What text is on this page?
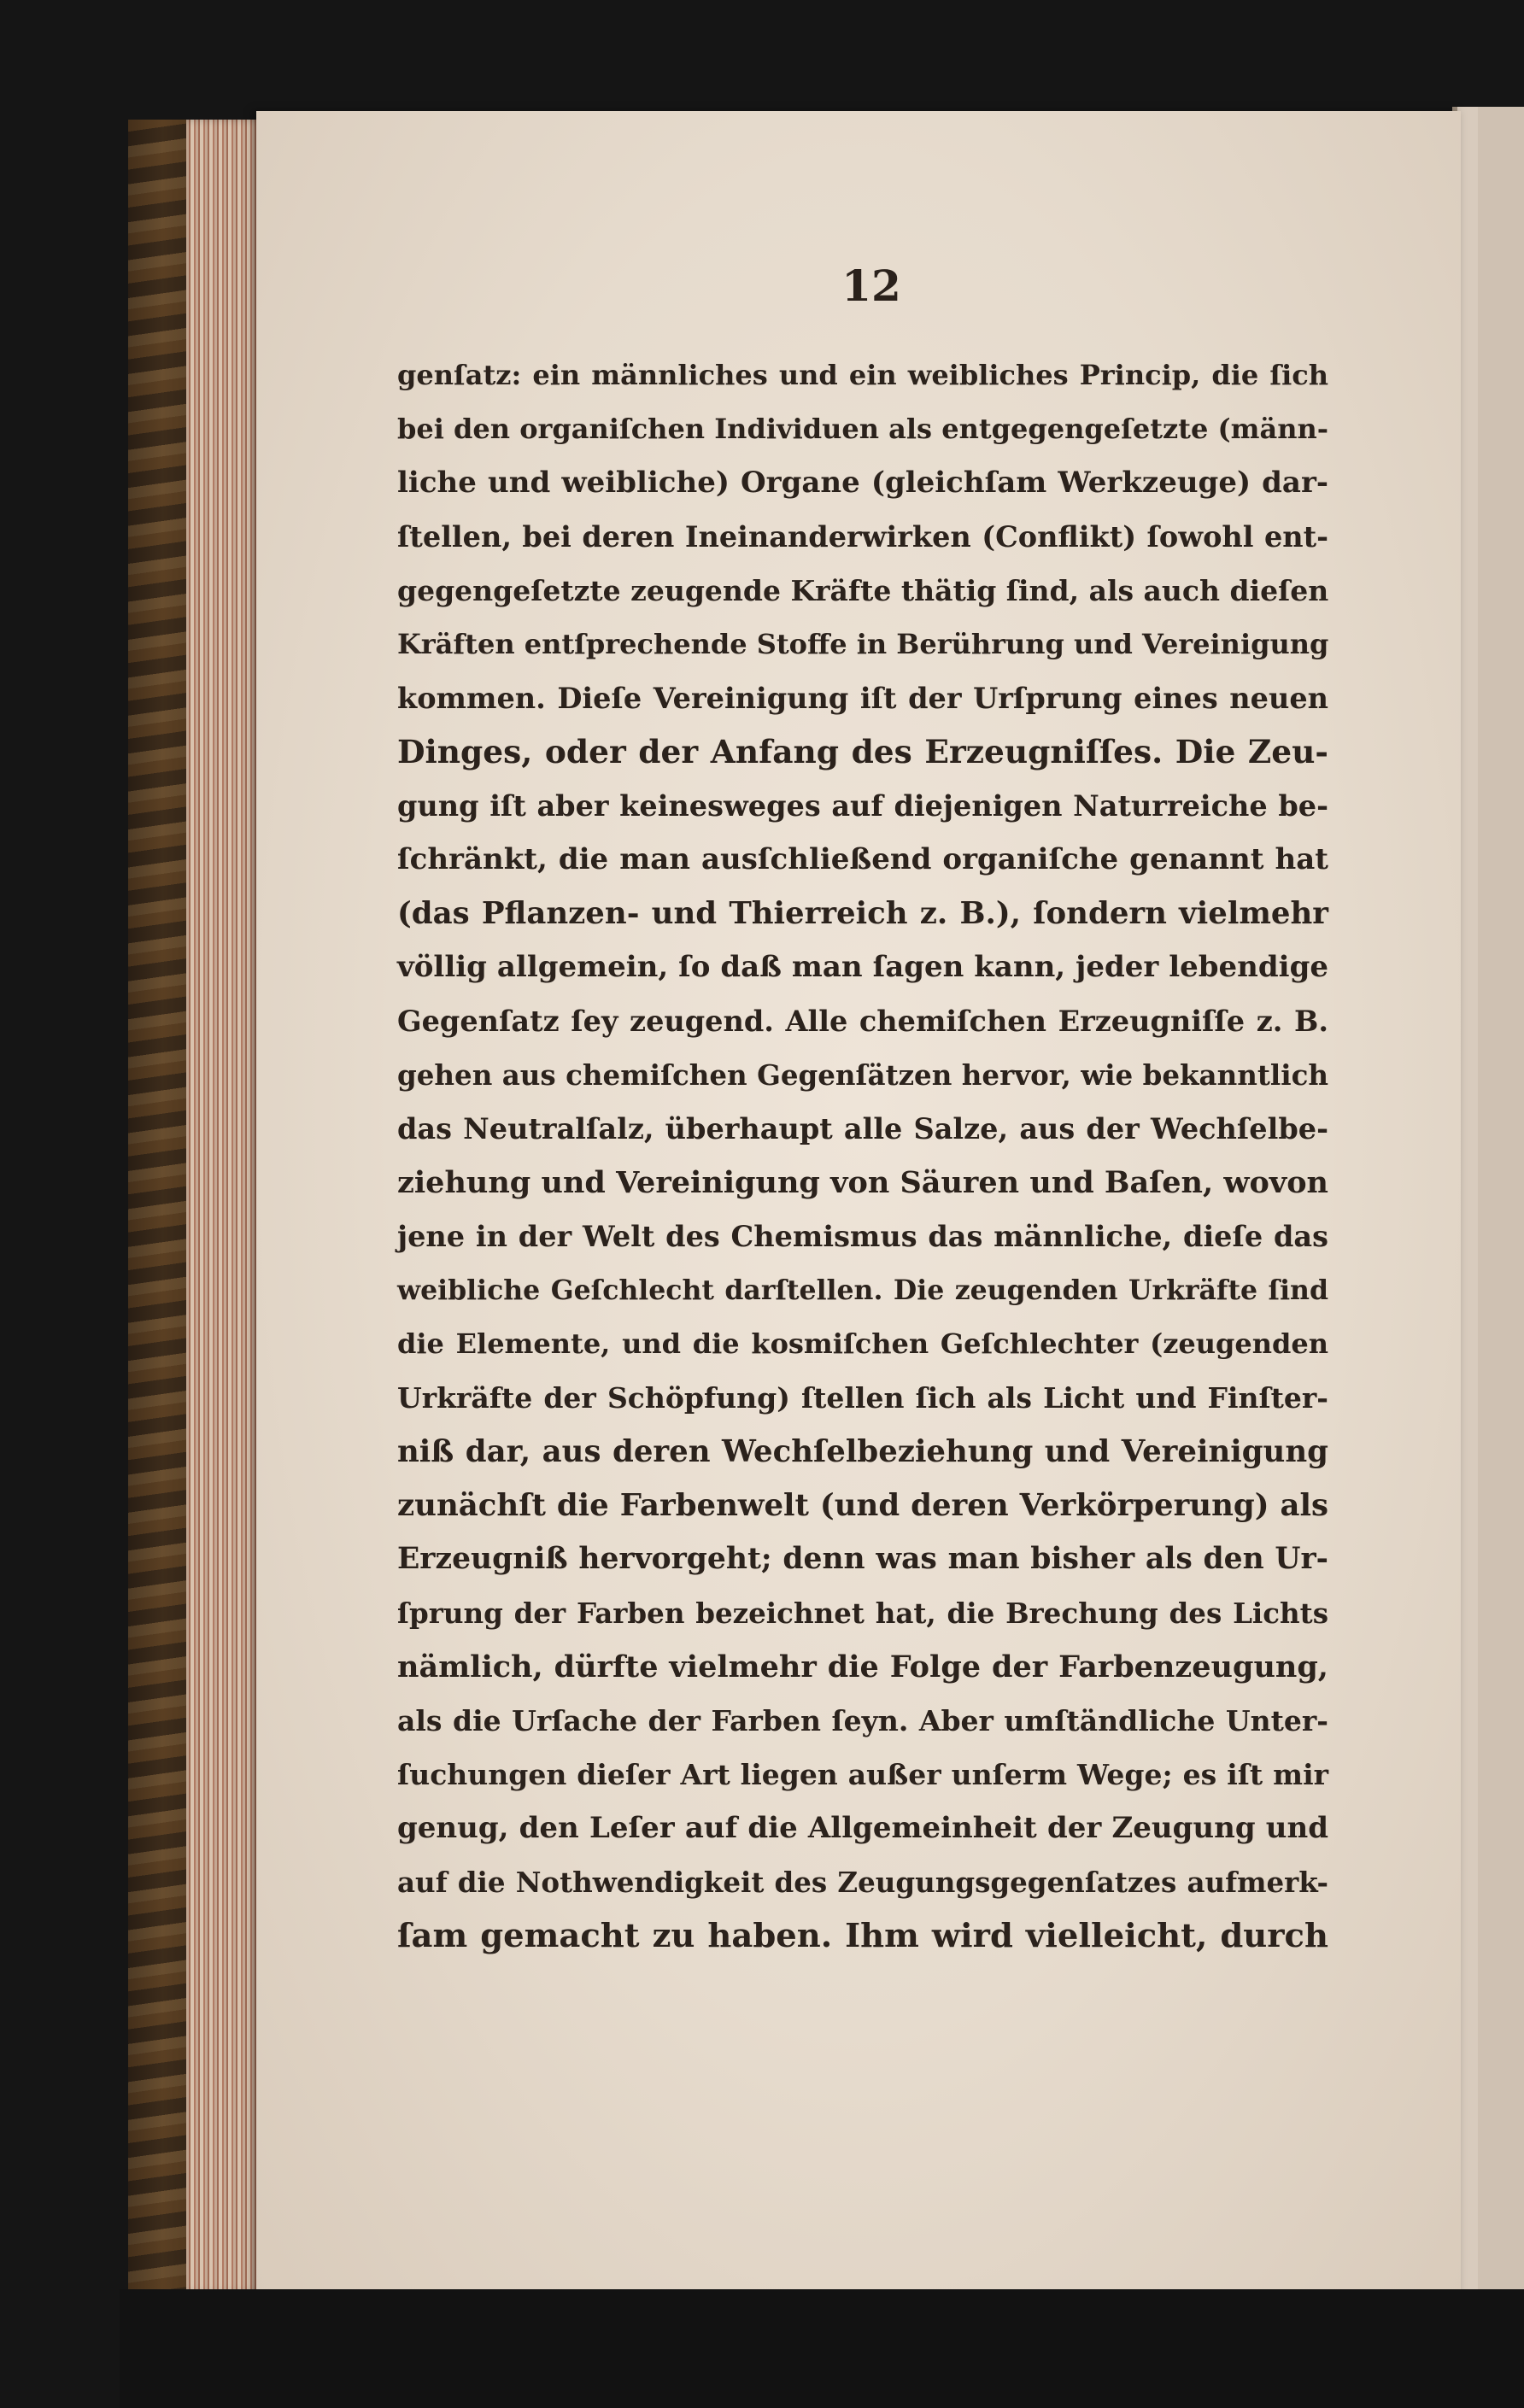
12
genſatz: ein männliches und ein weibliches Princip, die ſich
bei den organiſchen Individuen als entgegengeſetzte (männ-
liche und weibliche) Organe (gleichſam Werkzeuge) dar-
ſtellen, bei deren Ineinanderwirken (Conflikt) ſowohl ent-
gegengeſetzte zeugende Kräfte thätig ſind, als auch dieſen
Kräften entſprechende Stoffe in Berührung und Vereinigung
kommen. Dieſe Vereinigung iſt der Urſprung eines neuen
Dinges, oder der Anfang des Erzeugniſſes. Die Zeu-
gung iſt aber keinesweges auf diejenigen Naturreiche be-
ſchränkt, die man ausſchließend organiſche genannt hat
(das Pflanzen- und Thierreich z. B.), ſondern vielmehr
völlig allgemein, ſo daß man ſagen kann, jeder lebendige
Gegenſatz ſey zeugend. Alle chemiſchen Erzeugniſſe z. B.
gehen aus chemiſchen Gegenſätzen hervor, wie bekanntlich
das Neutralſalz, überhaupt alle Salze, aus der Wechſelbe-
ziehung und Vereinigung von Säuren und Baſen, wovon
jene in der Welt des Chemismus das männliche, dieſe das
weibliche Geſchlecht darſtellen. Die zeugenden Urkräfte ſind
die Elemente, und die kosmiſchen Geſchlechter (zeugenden
Urkräfte der Schöpfung) ſtellen ſich als Licht und Finſter-
niß dar, aus deren Wechſelbeziehung und Vereinigung
zunächſt die Farbenwelt (und deren Verkörperung) als
Erzeugniß hervorgeht; denn was man bisher als den Ur-
ſprung der Farben bezeichnet hat, die Brechung des Lichts
nämlich, dürfte vielmehr die Folge der Farbenzeugung,
als die Urſache der Farben ſeyn. Aber umſtändliche Unter-
ſuchungen dieſer Art liegen außer unſerm Wege; es iſt mir
genug, den Leſer auf die Allgemeinheit der Zeugung und
auf die Nothwendigkeit des Zeugungsgegenſatzes aufmerk-
ſam gemacht zu haben. Ihm wird vielleicht, durch
